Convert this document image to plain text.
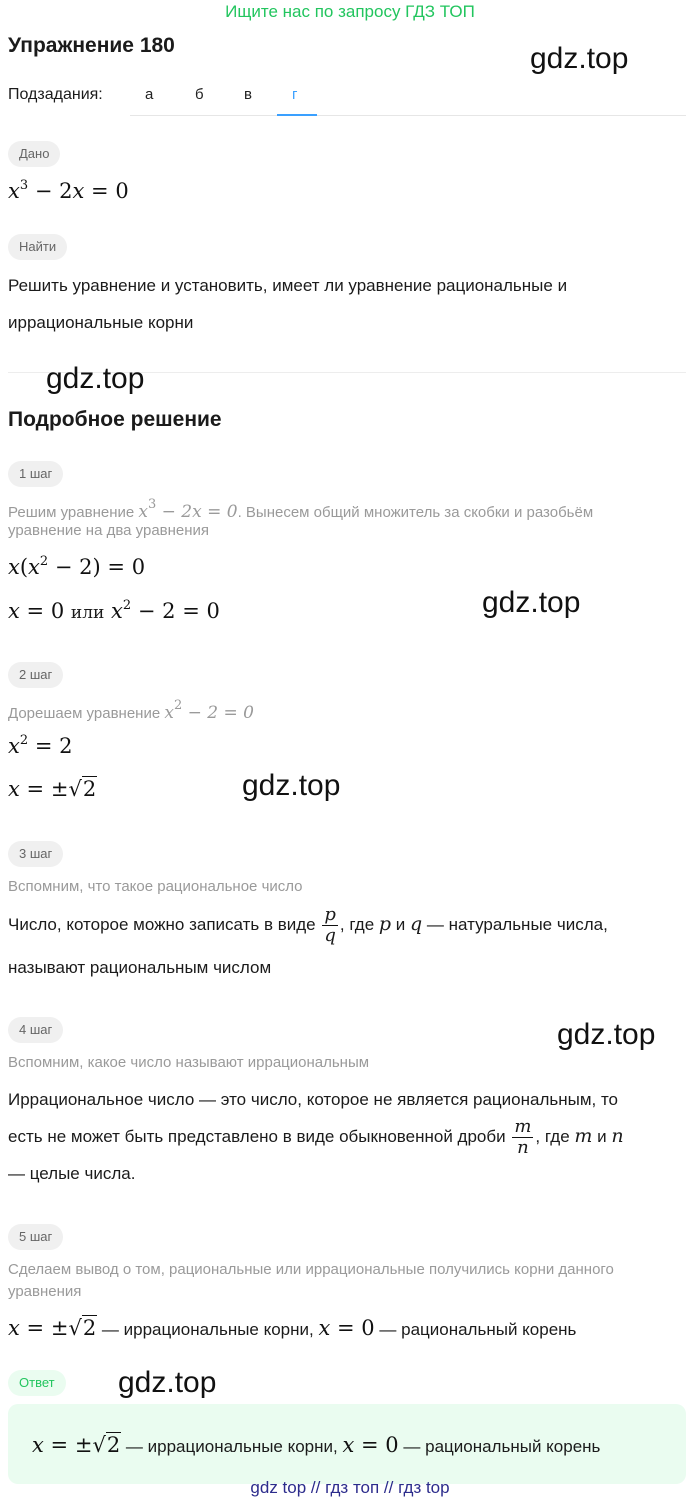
Ищите нас по запросу ГДЗ ТОП
Упражнение 180	gdz.top
Подзадания:	а	б	в	г
Дано
$x^3 - 2x = 0$
Найти
Решить уравнение и установить, имеет ли уравнение рациональные и
иррациональные корни
gdz.top
Подробное решение
1 шаг
Решим уравнение $x^3 - 2x = 0$. Вынесем общий множитель за скобки и разобьём
уравнение на два уравнения
$x(x^2 - 2) = 0$
x = 0 или $x^2 - 2 = 0$	gdz.top
2 шаг
Дорешаем уравнение $x^2 - 2 = 0$
$x^2 = 2$
x = ±√2	gdz.top
3 шаг
Вспомним, что такое рациональное число
Число, которое можно записать в виде $\frac{p}{q}$ , где p и q — натуральные числа,
называют рациональным числом
4 шаг	gdz.top
Вспомним, какое число называют иррациональным
Иррациональное число — это число, которое не является рациональным, то
есть не может быть представлено в виде обыкновенной дроби $\frac{m}{n}$ , где m и n
— целые числа.
5 шаг
Сделаем вывод о том, рациональные или иррациональные получились корни данного
уравнения
x = ±√2 — иррациональные корни, x = 0 — рациональный корень
Ответ	gdz.top
x = ±√2 — иррациональные корни, x = 0 — рациональный корень
gdz top // гдз топ // гдз top
